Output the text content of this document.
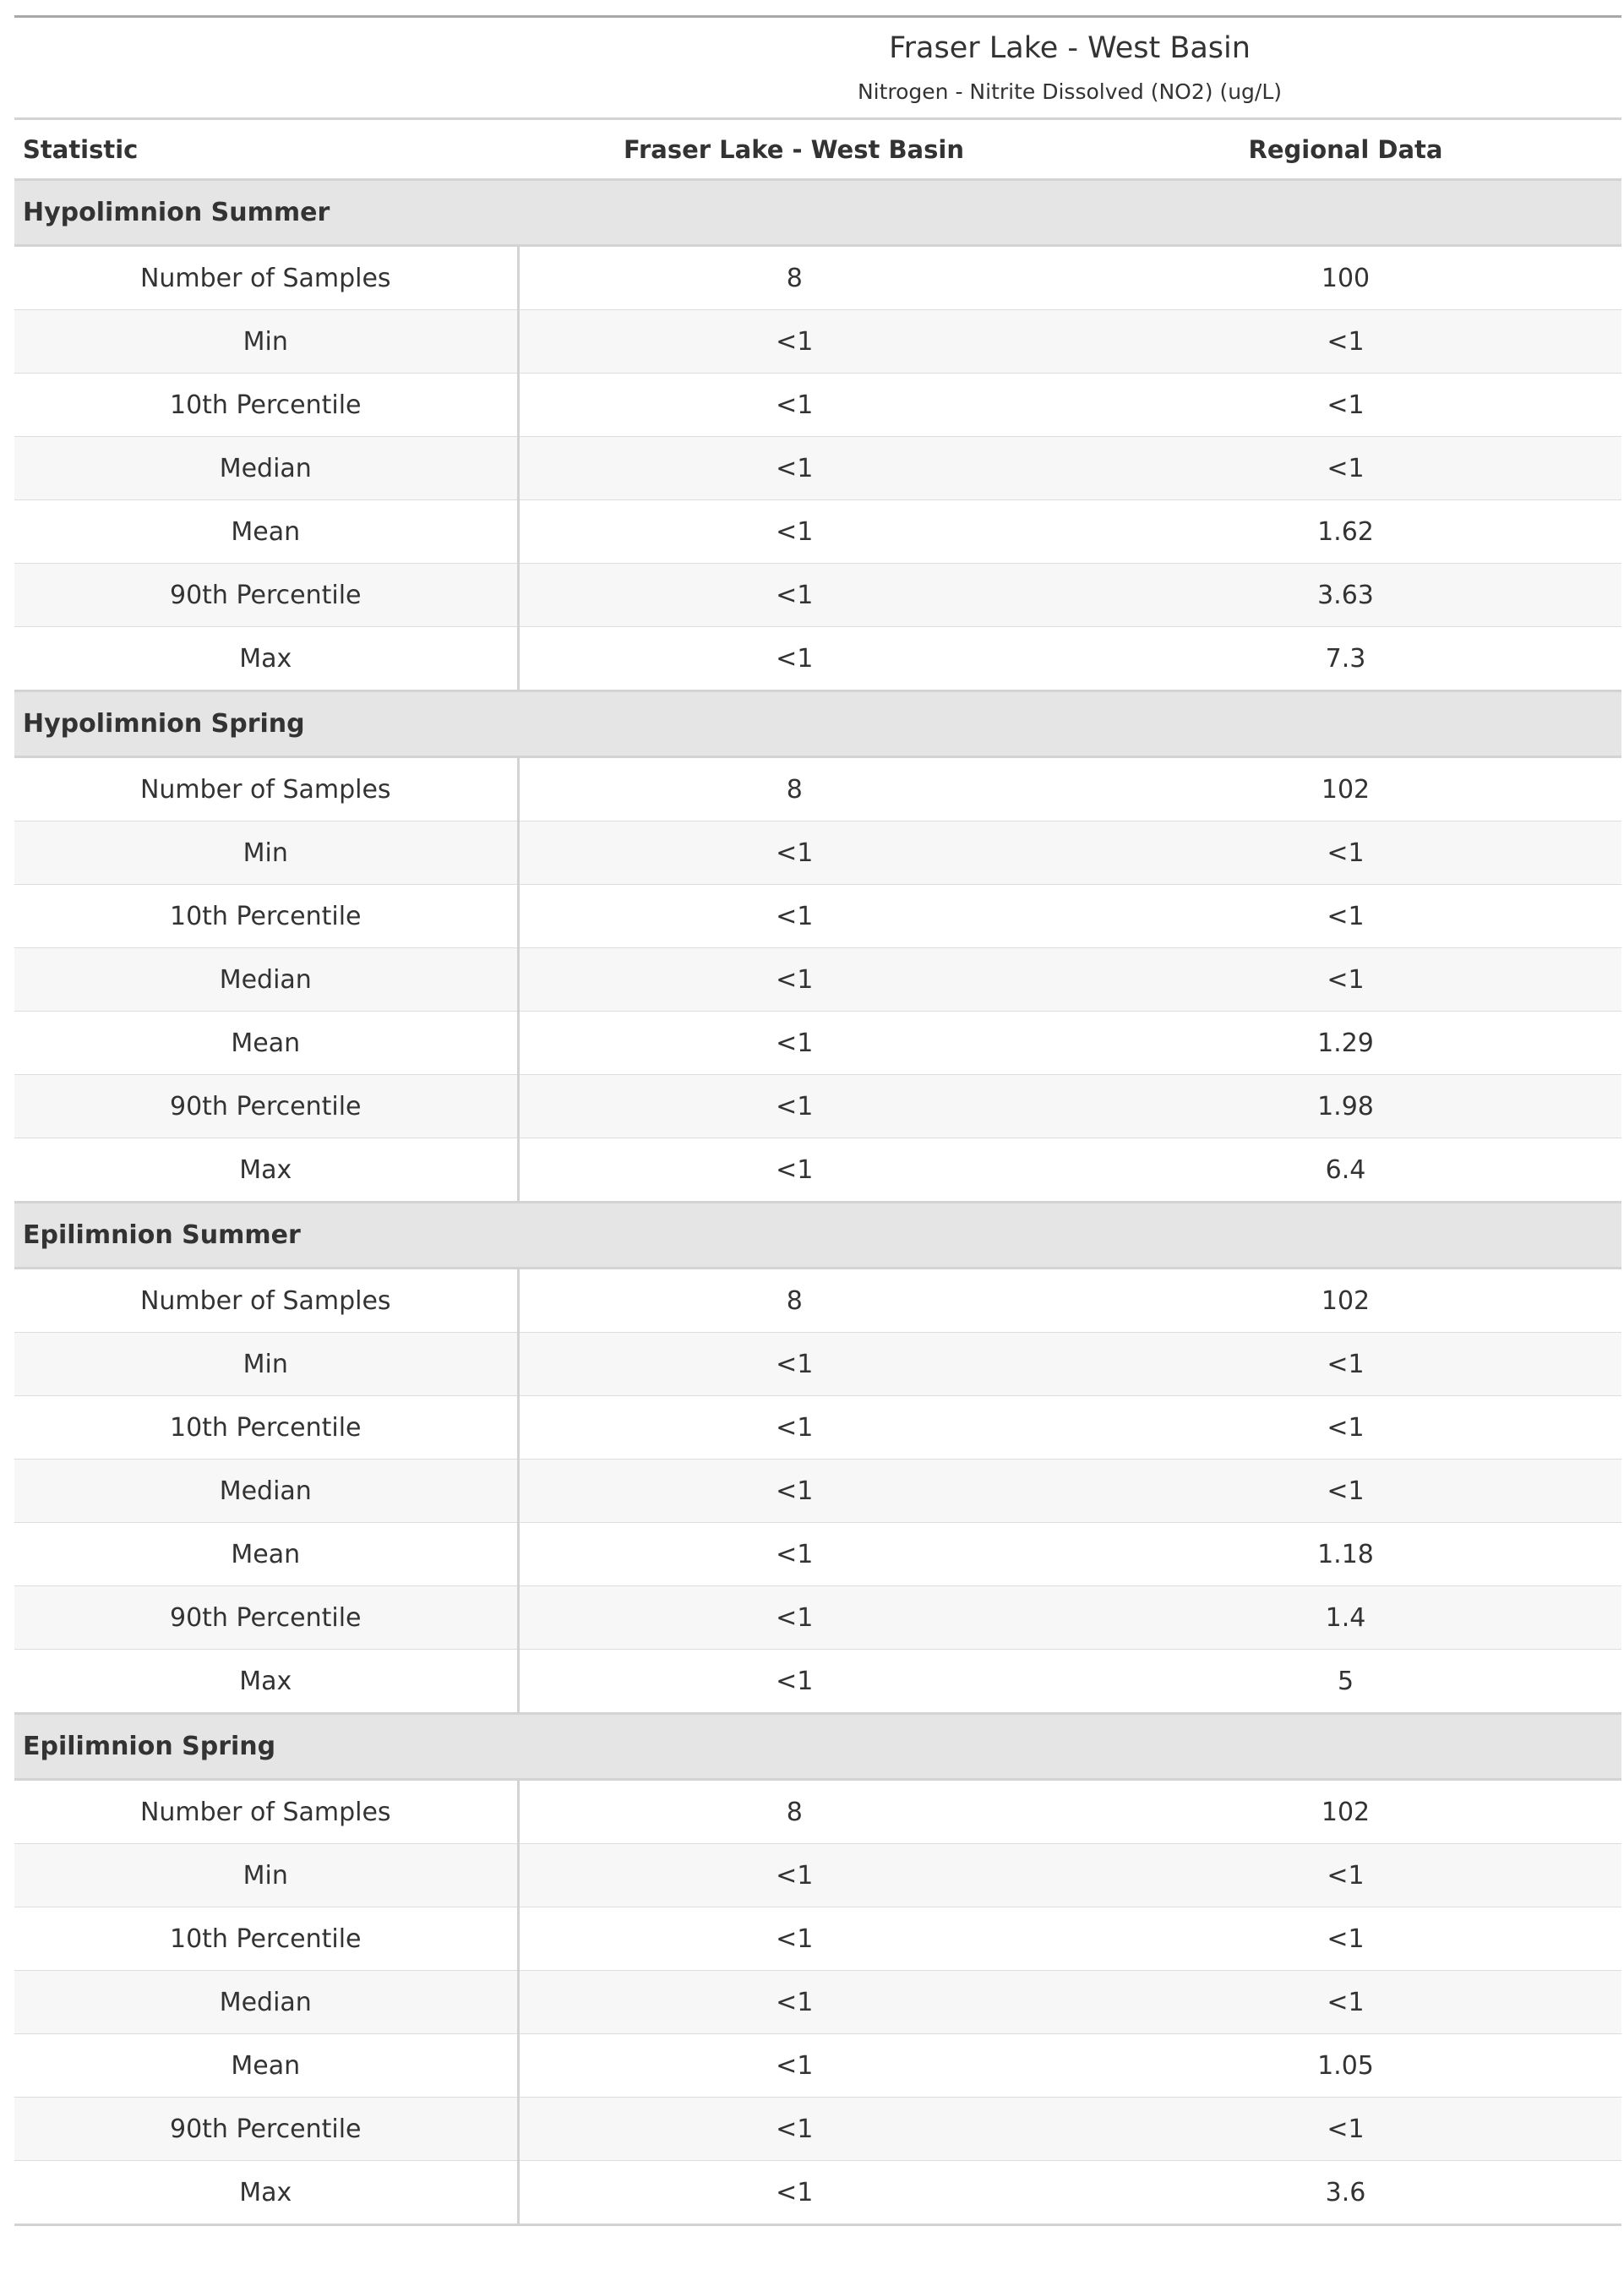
	Fraser Lake - West Basin	
	Nitrogen - Nitrite Dissolved (NO2) (ug/L)	
Statistic	Fraser Lake - West Basin	Regional Data
Hypolimnion Summer		
Number of Samples	8	100
Min	<1	<1
10th Percentile	<1	<1
Median	<1	<1
Mean	<1	1.62
90th Percentile	<1	3.63
Max	<1	7.3
Hypolimnion Spring		
Number of Samples	8	102
Min	<1	<1
10th Percentile	<1	<1
Median	<1	<1
Mean	<1	1.29
90th Percentile	<1	1.98
Max	<1	6.4
Epilimnion Summer		
Number of Samples	8	102
Min	<1	<1
10th Percentile	<1	<1
Median	<1	<1
Mean	<1	1.18
90th Percentile	<1	1.4
Max	<1	5
Epilimnion Spring		
Number of Samples	8	102
Min	<1	<1
10th Percentile	<1	<1
Median	<1	<1
Mean	<1	1.05
90th Percentile	<1	<1
Max	<1	3.6
